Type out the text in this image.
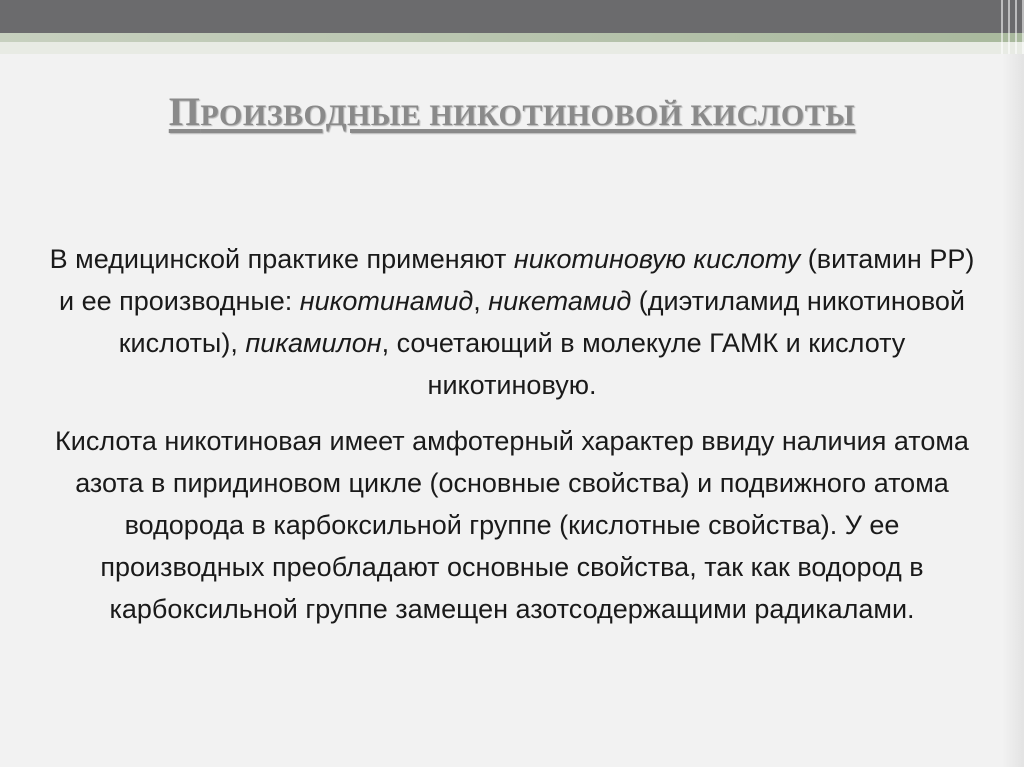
ПРОИЗВОДНЫЕ НИКОТИНОВОЙ КИСЛОТЫ

В медицинской практике применяют никотиновую кислоту (витамин РР) и ее производные: никотинамид, никетамид (диэтиламид никотиновой кислоты), пикамилон, сочетающий в молекуле ГАМК и кислоту никотиновую.

Кислота никотиновая имеет амфотерный характер ввиду наличия атома азота в пиридиновом цикле (основные свойства) и подвижного атома водорода в карбоксильной группе (кислотные свойства). У ее производных преобладают основные свойства, так как водород в карбоксильной группе замещен азотсодержащими радикалами.
